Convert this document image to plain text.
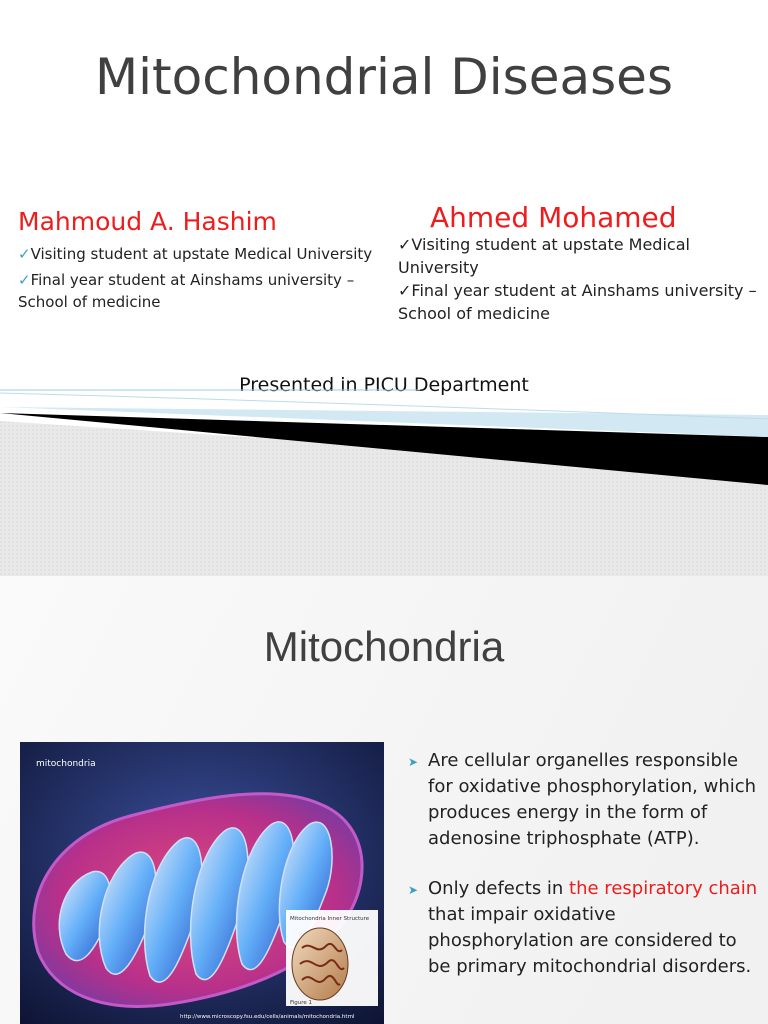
Mitochondrial Diseases
Mahmoud A. Hashim
✓Visiting student at upstate Medical University
✓Final year student at Ainshams university – School of medicine
Ahmed Mohamed
✓Visiting student at upstate Medical University
✓Final year student at Ainshams university – School of medicine
Presented in PICU Department
Mitochondria
mitochondria
Mitochondria Inner Structure
Figure 1
http://www.microscopy.fsu.edu/cells/animals/mitochondria.html
➤ Are cellular organelles responsible for oxidative phosphorylation, which produces energy in the form of adenosine triphosphate (ATP).
➤ Only defects in the respiratory chain that impair oxidative phosphorylation are considered to be primary mitochondrial disorders.
